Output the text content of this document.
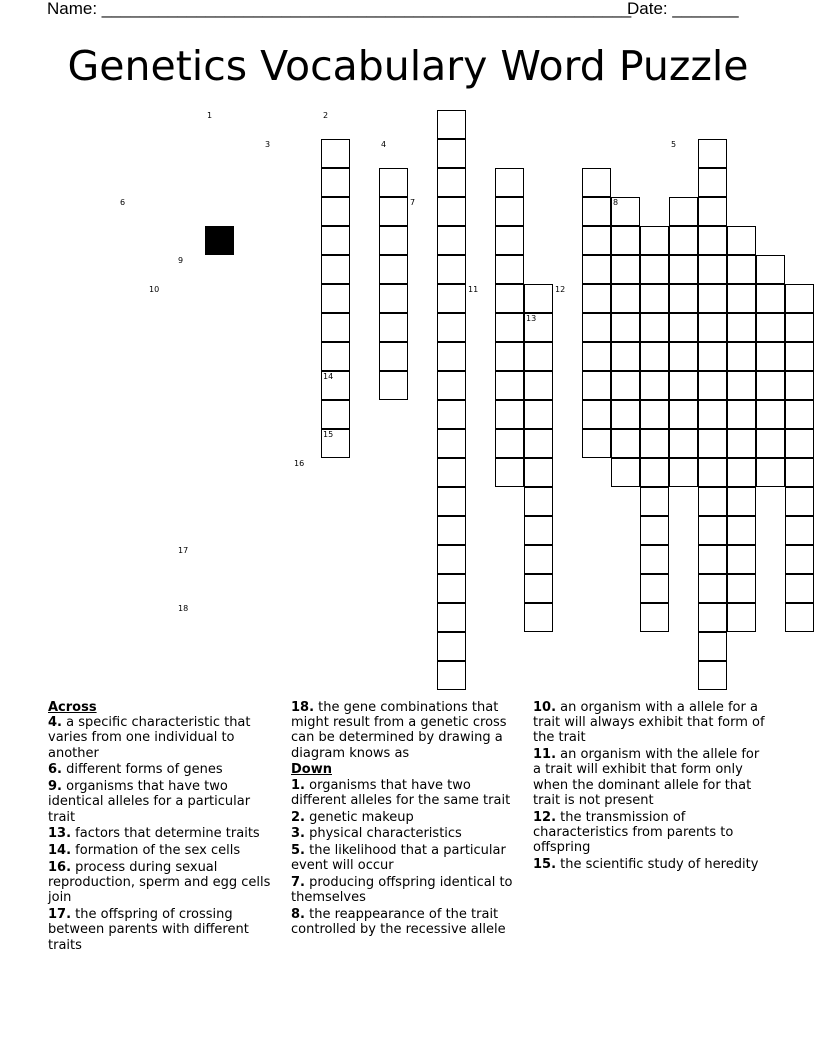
Name: ________________________________________________________
Date: _______
Genetics Vocabulary Word Puzzle
1	2
3	4	5
6	7	8
9
10	11	12
13
14
15
16
17
18
Across
4. a specific characteristic that varies from one individual to another
6. different forms of genes
9. organisms that have two identical alleles for a particular trait
13. factors that determine traits
14. formation of the sex cells
16. process during sexual reproduction, sperm and egg cells join
17. the offspring of crossing between parents with different traits
18. the gene combinations that might result from a genetic cross can be determined by drawing a diagram knows as
Down
1. organisms that have two different alleles for the same trait
2. genetic makeup
3. physical characteristics
5. the likelihood that a particular event will occur
7. producing offspring identical to themselves
8. the reappearance of the trait controlled by the recessive allele
10. an organism with a allele for a trait will always exhibit that form of the trait
11. an organism with the allele for a trait will exhibit that form only when the dominant allele for that trait is not present
12. the transmission of characteristics from parents to offspring
15. the scientific study of heredity
